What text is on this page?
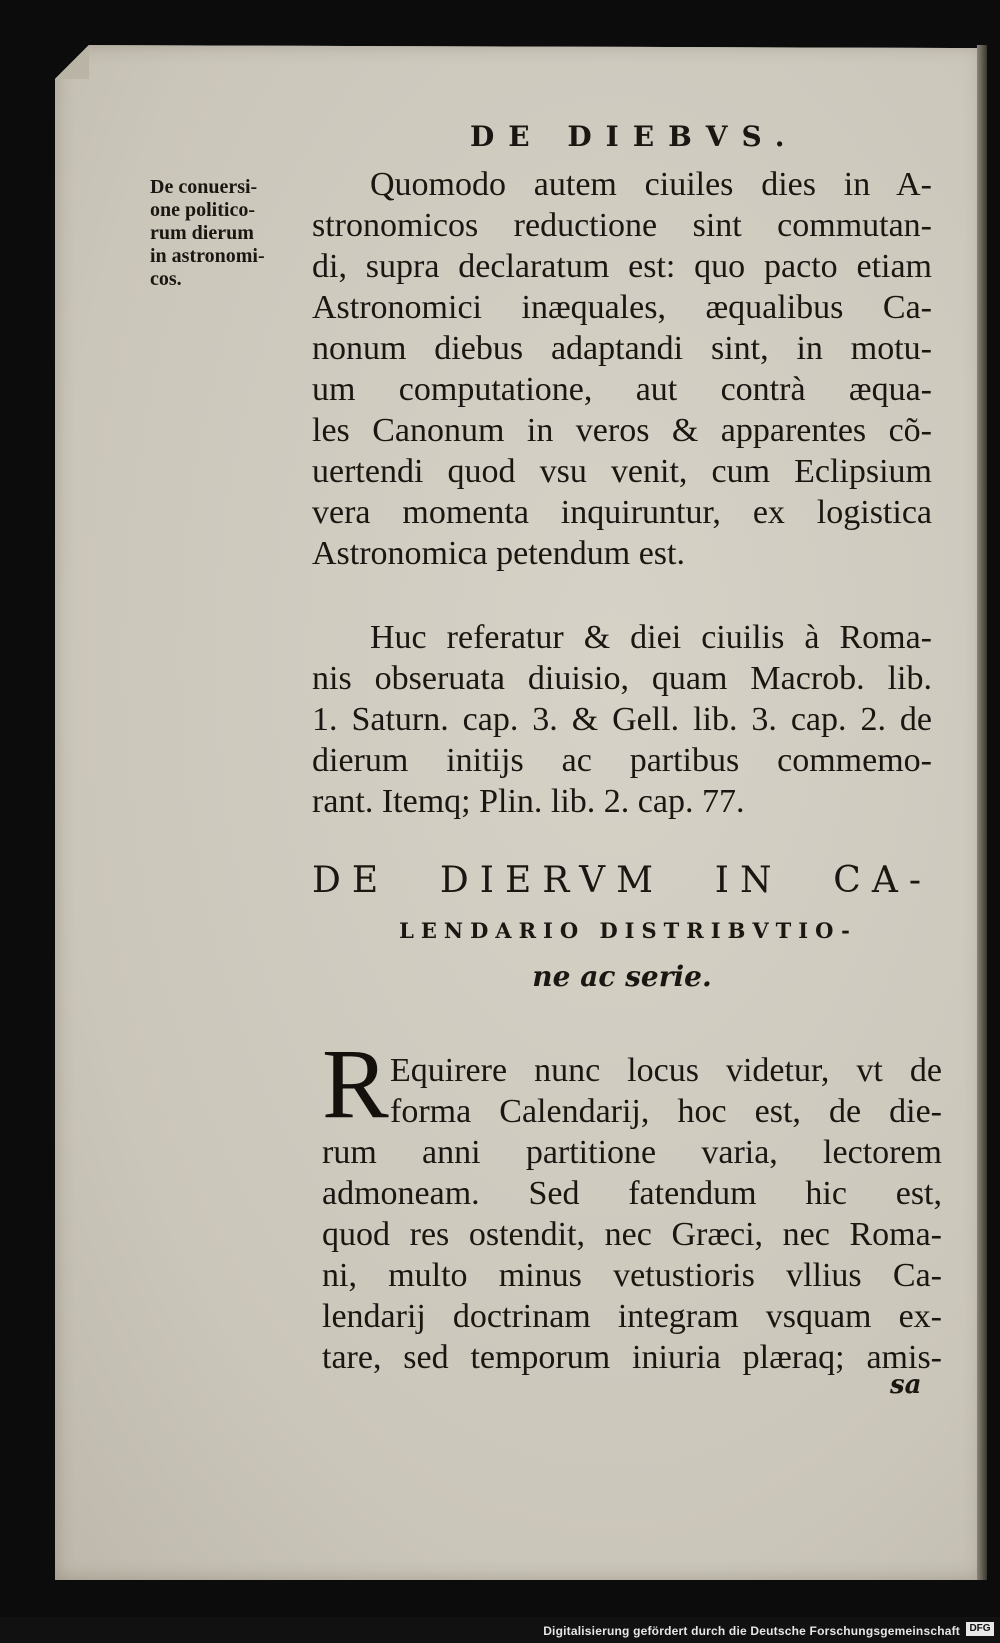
DE DIEBVS.
De conuersi-
one politico-
rum dierum
in astronomi-
cos.
Quomodo autem ciuiles dies in A-
stronomicos reductione sint commutan-
di, supra declaratum est: quo pacto etiam
Astronomici inæquales, æqualibus Ca-
nonum diebus adaptandi sint, in motu-
um computatione, aut contrà æqua-
les Canonum in veros & apparentes cõ-
uertendi quod vsu venit, cum Eclipsium
vera momenta inquiruntur, ex logistica
Astronomica petendum est.
Huc referatur & diei ciuilis à Roma-
nis obseruata diuisio, quam Macrob. lib.
1. Saturn. cap. 3. & Gell. lib. 3. cap. 2. de
dierum initijs ac partibus commemo-
rant. Itemq; Plin. lib. 2. cap. 77.
DE DIERVM IN CA-
LENDARIO DISTRIBVTIO-
ne ac serie.
R Equirere nunc locus videtur, vt de
forma Calendarij, hoc est, de die-
rum anni partitione varia, lectorem
admoneam. Sed fatendum hic est,
quod res ostendit, nec Græci, nec Roma-
ni, multo minus vetustioris vllius Ca-
lendarij doctrinam integram vsquam ex-
tare, sed temporum iniuria plæraq; amis-
sa
Digitalisierung gefördert durch die Deutsche Forschungsgemeinschaft DFG
